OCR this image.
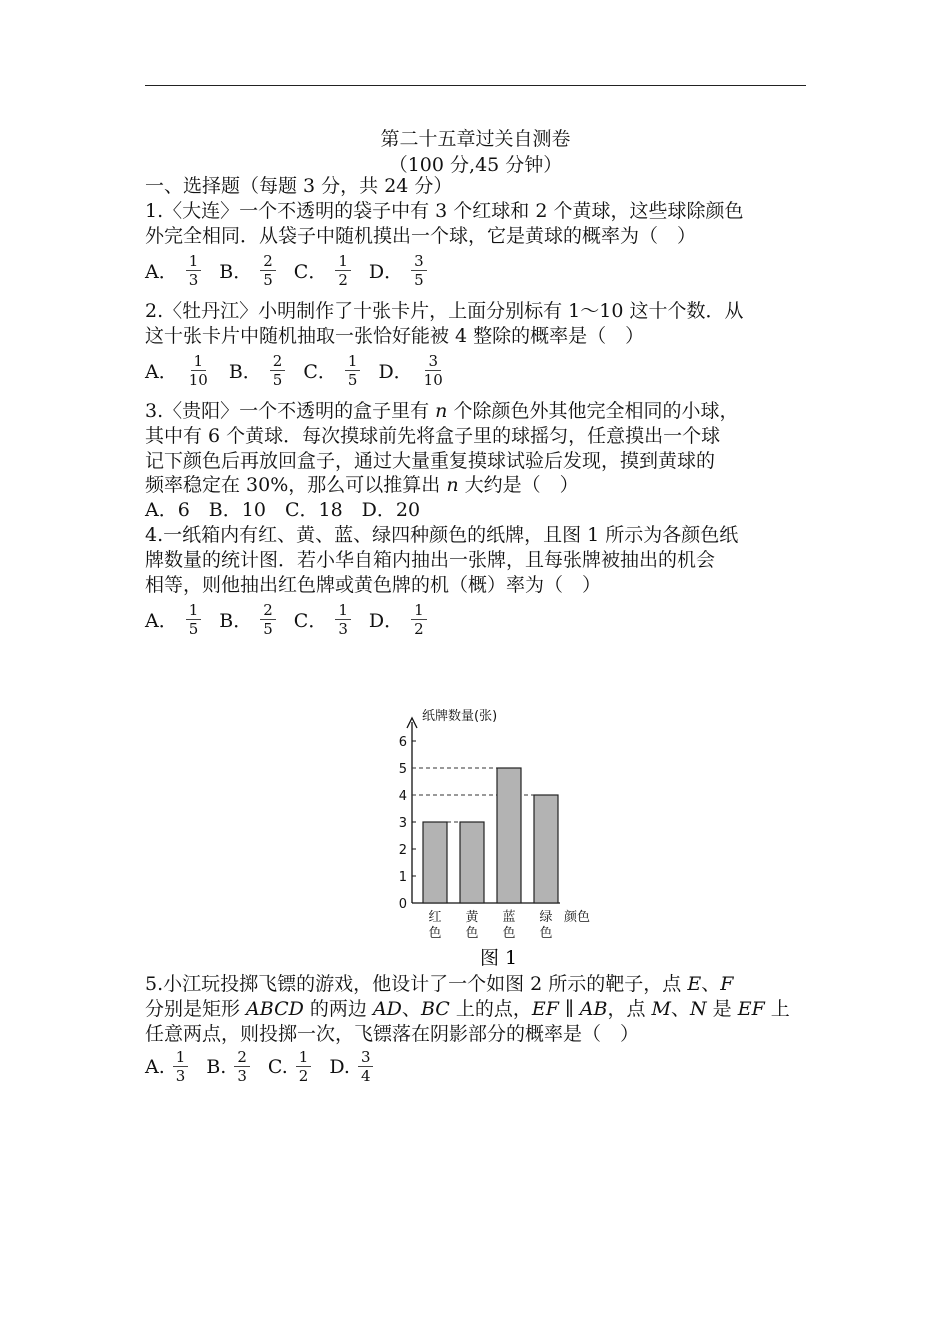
第二十五章过关自测卷
（100 分,45 分钟）
一、选择题（每题 3 分，共 24 分）
1.〈大连〉一个不透明的袋子中有 3 个红球和 2 个黄球，这些球除颜色
外完全相同．从袋子中随机摸出一个球，它是黄球的概率为（　）
A． $\frac{1}{3}$ B． $\frac{2}{5}$ C． $\frac{1}{2}$ D． $\frac{3}{5}$
2.〈牡丹江〉小明制作了十张卡片，上面分别标有 1～10 这十个数．从
这十张卡片中随机抽取一张恰好能被 4 整除的概率是（　）
A． $\frac{1}{10}$ B． $\frac{2}{5}$ C． $\frac{1}{5}$ D． $\frac{3}{10}$
3.〈贵阳〉一个不透明的盒子里有 n 个除颜色外其他完全相同的小球，
其中有 6 个黄球．每次摸球前先将盒子里的球摇匀，任意摸出一个球
记下颜色后再放回盒子，通过大量重复摸球试验后发现，摸到黄球的
频率稳定在 30%，那么可以推算出 n 大约是（　）
A．6　B．10　C．18　D．20
4.一纸箱内有红、黄、蓝、绿四种颜色的纸牌，且图 1 所示为各颜色纸
牌数量的统计图．若小华自箱内抽出一张牌，且每张牌被抽出的机会
相等，则他抽出红色牌或黄色牌的机（概）率为（　）
A． $\frac{1}{5}$ B． $\frac{2}{5}$ C． $\frac{1}{3}$ D． $\frac{1}{2}$
0
1
2
3
4
5
6
红
色
黄
色
蓝
色
绿
色
纸牌数量(张)
颜色
图 1
5.小江玩投掷飞镖的游戏，他设计了一个如图 2 所示的靶子，点 E、F
分别是矩形 ABCD 的两边 AD、BC 上的点，EF ∥ AB，点 M、N 是 EF 上
任意两点，则投掷一次，飞镖落在阴影部分的概率是（　）
A. $\frac{1}{3} B$. $\frac{2}{3} C$. $\frac{1}{2} D$. $\frac{3}{4}$
